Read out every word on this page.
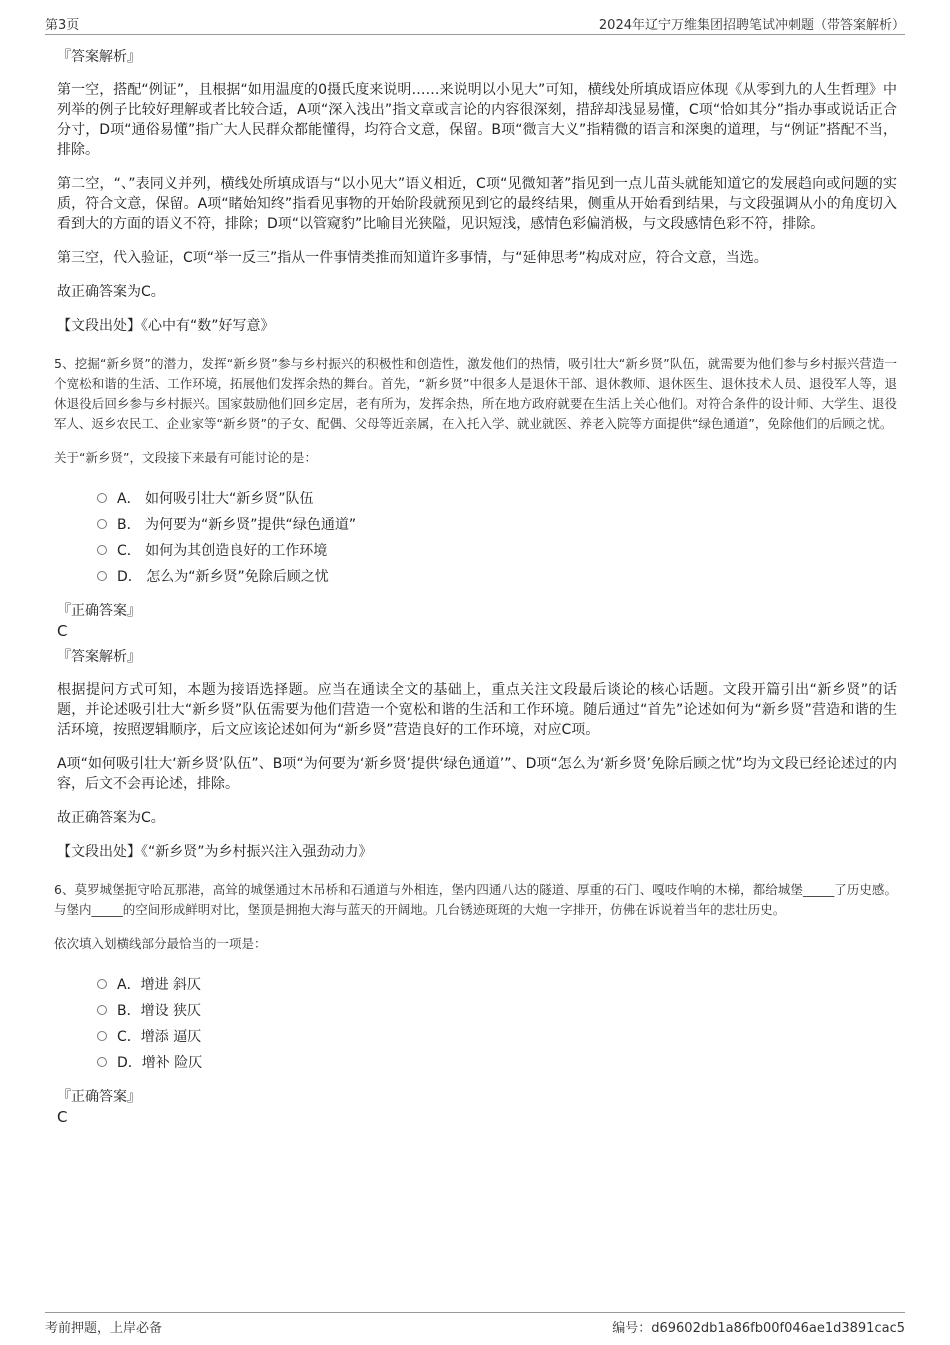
第3页	2024年辽宁万维集团招聘笔试冲刺题（带答案解析）
『答案解析』

第一空，搭配“例证”，且根据“如用温度的0摄氏度来说明……来说明以小见大”可知，横线处所填成语应体现《从零到九的人生哲理》中列举的例子比较好理解或者比较合适，A项“深入浅出”指文章或言论的内容很深刻，措辞却浅显易懂，C项“恰如其分”指办事或说话正合分寸，D项“通俗易懂”指广大人民群众都能懂得，均符合文意，保留。B项“微言大义”指精微的语言和深奥的道理，与“例证”搭配不当，排除。

第二空，“、”表同义并列，横线处所填成语与“以小见大”语义相近，C项“见微知著”指见到一点儿苗头就能知道它的发展趋向或问题的实质，符合文意，保留。A项“睹始知终”指看见事物的开始阶段就预见到它的最终结果，侧重从开始看到结果，与文段强调从小的角度切入看到大的方面的语义不符，排除；D项“以管窥豹”比喻目光狭隘，见识短浅，感情色彩偏消极，与文段感情色彩不符，排除。

第三空，代入验证，C项“举一反三”指从一件事情类推而知道许多事情，与“延伸思考”构成对应，符合文意，当选。

故正确答案为C。

【文段出处】《心中有“数”好写意》

5、挖掘“新乡贤”的潜力，发挥“新乡贤”参与乡村振兴的积极性和创造性，激发他们的热情，吸引壮大“新乡贤”队伍，就需要为他们参与乡村振兴营造一个宽松和谐的生活、工作环境，拓展他们发挥余热的舞台。首先，“新乡贤”中很多人是退休干部、退休教师、退休医生、退休技术人员、退役军人等，退休退役后回乡参与乡村振兴。国家鼓励他们回乡定居，老有所为，发挥余热，所在地方政府就要在生活上关心他们。对符合条件的设计师、大学生、退役军人、返乡农民工、企业家等“新乡贤”的子女、配偶、父母等近亲属，在入托入学、就业就医、养老入院等方面提供“绿色通道”，免除他们的后顾之忧。

关于“新乡贤”，文段接下来最有可能讨论的是：

A． 如何吸引壮大“新乡贤”队伍
B． 为何要为“新乡贤”提供“绿色通道”
C． 如何为其创造良好的工作环境
D． 怎么为“新乡贤”免除后顾之忧
『正确答案』
C
『答案解析』

根据提问方式可知，本题为接语选择题。应当在通读全文的基础上，重点关注文段最后谈论的核心话题。文段开篇引出“新乡贤”的话题，并论述吸引壮大“新乡贤”队伍需要为他们营造一个宽松和谐的生活和工作环境。随后通过“首先”论述如何为“新乡贤”营造和谐的生活环境，按照逻辑顺序，后文应该论述如何为“新乡贤”营造良好的工作环境，对应C项。

A项“如何吸引壮大‘新乡贤’队伍”、B项“为何要为‘新乡贤’提供‘绿色通道’”、D项“怎么为‘新乡贤’免除后顾之忧”均为文段已经论述过的内容，后文不会再论述，排除。

故正确答案为C。

【文段出处】《“新乡贤”为乡村振兴注入强劲动力》

6、莫罗城堡扼守哈瓦那港，高耸的城堡通过木吊桥和石通道与外相连，堡内四通八达的隧道、厚重的石门、嘎吱作响的木梯，都给城堡_____了历史感。与堡内_____的空间形成鲜明对比，堡顶是拥抱大海与蓝天的开阔地。几台锈迹斑斑的大炮一字排开，仿佛在诉说着当年的悲壮历史。

依次填入划横线部分最恰当的一项是：

A．增进 斜仄
B．增设 狭仄
C．增添 逼仄
D．增补 险仄
『正确答案』
C
考前押题，上岸必备	编号：d69602db1a86fb00f046ae1d3891cac5
